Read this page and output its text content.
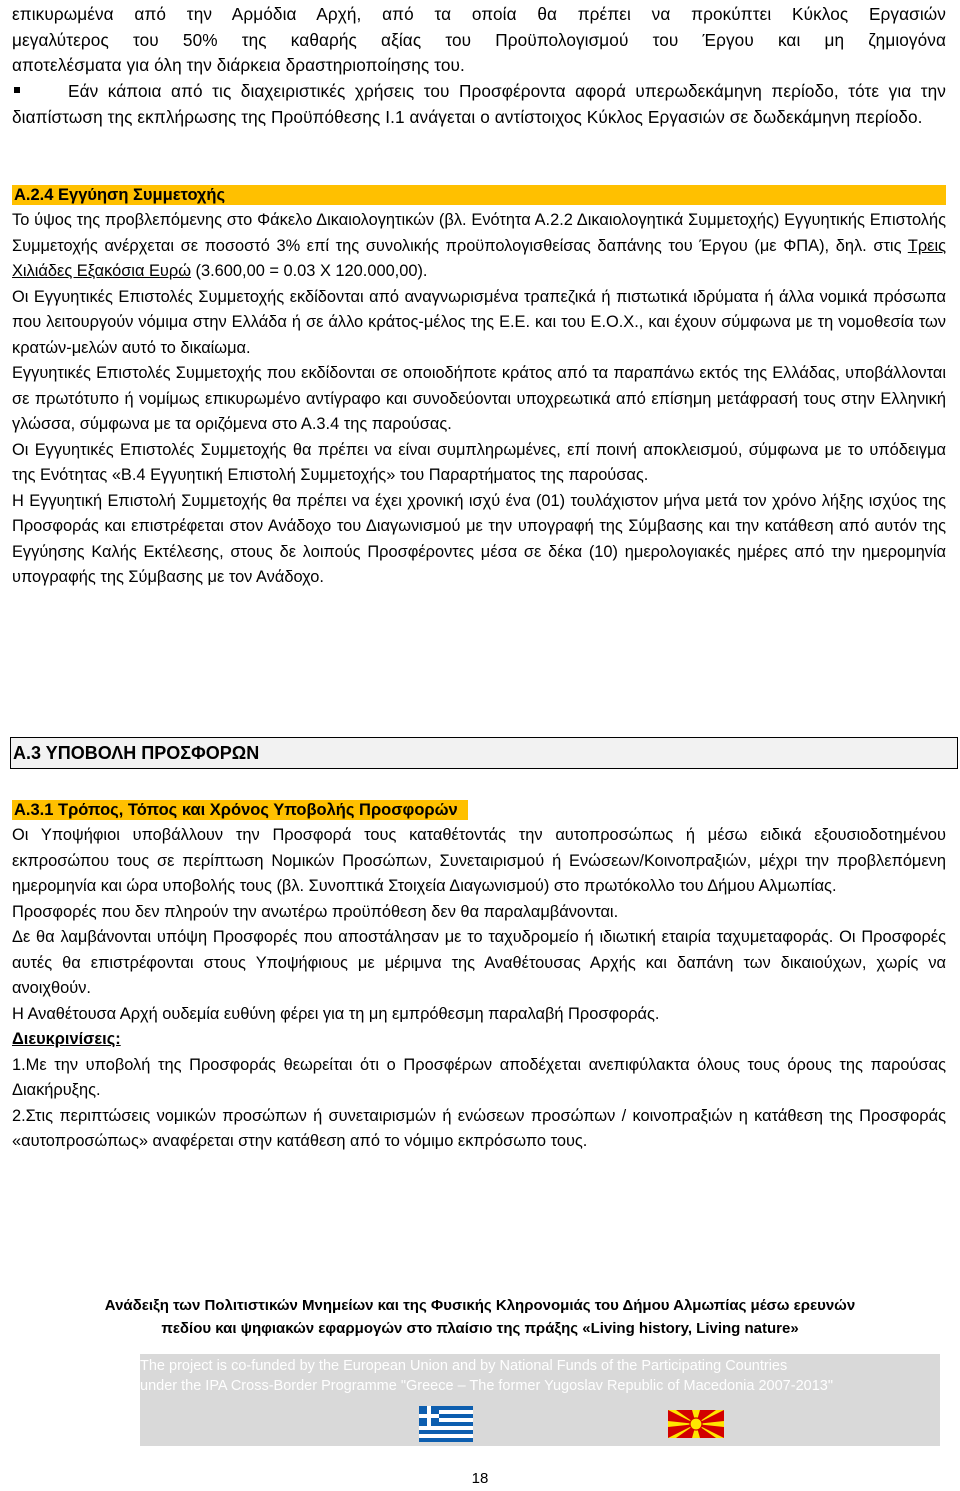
επικυρωμένα από την Αρμόδια Αρχή, από τα οποία θα πρέπει να προκύπτει Κύκλος Εργασιών

μεγαλύτερος του 50% της καθαρής αξίας του Προϋπολογισμού του Έργου και μη ζημιογόνα

αποτελέσματα για όλη την διάρκεια δραστηριοποίησης του.

Εάν κάποια από τις διαχειριστικές χρήσεις του Προσφέροντα αφορά υπερωδεκάμηνη περίοδο, τότε για την διαπίστωση της εκπλήρωσης της Προϋπόθεσης Ι.1 ανάγεται ο αντίστοιχος Κύκλος Εργασιών σε δωδεκάμηνη περίοδο.

Α.2.4 Εγγύηση Συμμετοχής

Το ύψος της προβλεπόμενης στο Φάκελο Δικαιολογητικών (βλ. Ενότητα Α.2.2 Δικαιολογητικά Συμμετοχής) Εγγυητικής Επιστολής Συμμετοχής ανέρχεται σε ποσοστό 3% επί της συνολικής προϋπολογισθείσας δαπάνης του Έργου (με ΦΠΑ), δηλ. στις Τρεις Χιλιάδες Εξακόσια Ευρώ (3.600,00 = 0.03 Χ 120.000,00).

Οι Εγγυητικές Επιστολές Συμμετοχής εκδίδονται από αναγνωρισμένα τραπεζικά ή πιστωτικά ιδρύματα ή άλλα νομικά πρόσωπα που λειτουργούν νόμιμα στην Ελλάδα ή σε άλλο κράτος-μέλος της Ε.Ε. και του Ε.Ο.Χ., και έχουν σύμφωνα με τη νομοθεσία των κρατών-μελών αυτό το δικαίωμα.

Εγγυητικές Επιστολές Συμμετοχής που εκδίδονται σε οποιοδήποτε κράτος από τα παραπάνω εκτός της Ελλάδας, υποβάλλονται σε πρωτότυπο ή νομίμως επικυρωμένο αντίγραφο και συνοδεύονται υποχρεωτικά από επίσημη μετάφρασή τους στην Ελληνική γλώσσα, σύμφωνα με τα οριζόμενα στο Α.3.4 της παρούσας.

Οι Εγγυητικές Επιστολές Συμμετοχής θα πρέπει να είναι συμπληρωμένες, επί ποινή αποκλεισμού, σύμφωνα με το υπόδειγμα της Ενότητας «Β.4 Εγγυητική Επιστολή Συμμετοχής» του Παραρτήματος της παρούσας.

Η Εγγυητική Επιστολή Συμμετοχής θα πρέπει να έχει χρονική ισχύ ένα (01) τουλάχιστον μήνα μετά τον χρόνο λήξης ισχύος της Προσφοράς και επιστρέφεται στον Ανάδοχο του Διαγωνισμού με την υπογραφή της Σύμβασης και την κατάθεση από αυτόν της Εγγύησης Καλής Εκτέλεσης, στους δε λοιπούς Προσφέροντες μέσα σε δέκα (10) ημερολογιακές ημέρες από την ημερομηνία υπογραφής της Σύμβασης με τον Ανάδοχο.

Α.3 ΥΠΟΒΟΛΗ ΠΡΟΣΦΟΡΩΝ
Α.3.1 Τρόπος, Τόπος και Χρόνος Υποβολής Προσφορών

Οι Υποψήφιοι υποβάλλουν την Προσφορά τους καταθέτοντάς την αυτοπροσώπως ή μέσω ειδικά εξουσιοδοτημένου εκπροσώπου τους σε περίπτωση Νομικών Προσώπων, Συνεταιρισμού ή Ενώσεων/Κοινοπραξιών, μέχρι την προβλεπόμενη ημερομηνία και ώρα υποβολής τους (βλ. Συνοπτικά Στοιχεία Διαγωνισμού) στο πρωτόκολλο του Δήμου Αλμωπίας.

Προσφορές που δεν πληρούν την ανωτέρω προϋπόθεση δεν θα παραλαμβάνονται.

Δε θα λαμβάνονται υπόψη Προσφορές που αποστάλησαν με το ταχυδρομείο ή ιδιωτική εταιρία ταχυμεταφοράς. Οι Προσφορές αυτές θα επιστρέφονται στους Υποψήφιους με μέριμνα της Αναθέτουσας Αρχής και δαπάνη των δικαιούχων, χωρίς να ανοιχθούν.

Η Αναθέτουσα Αρχή ουδεμία ευθύνη φέρει για τη μη εμπρόθεσμη παραλαβή Προσφοράς.

Διευκρινίσεις:

1.Με την υποβολή της Προσφοράς θεωρείται ότι ο Προσφέρων αποδέχεται ανεπιφύλακτα όλους τους όρους της παρούσας Διακήρυξης.

2.Στις περιπτώσεις νομικών προσώπων ή συνεταιρισμών ή ενώσεων προσώπων / κοινοπραξιών η κατάθεση της Προσφοράς «αυτοπροσώπως» αναφέρεται στην κατάθεση από το νόμιμο εκπρόσωπο τους.

Ανάδειξη των Πολιτιστικών Μνημείων και της Φυσικής Κληρονομιάς του Δήμου Αλμωπίας μέσω ερευνών
πεδίου και ψηφιακών εφαρμογών στο πλαίσιο της πράξης «Living history, Living nature»
The project is co-funded by the European Union and by National Funds of the Participating Countries
under the IPA Cross-Border Programme "Greece – The former Yugoslav Republic of Macedonia 2007-2013"
18
